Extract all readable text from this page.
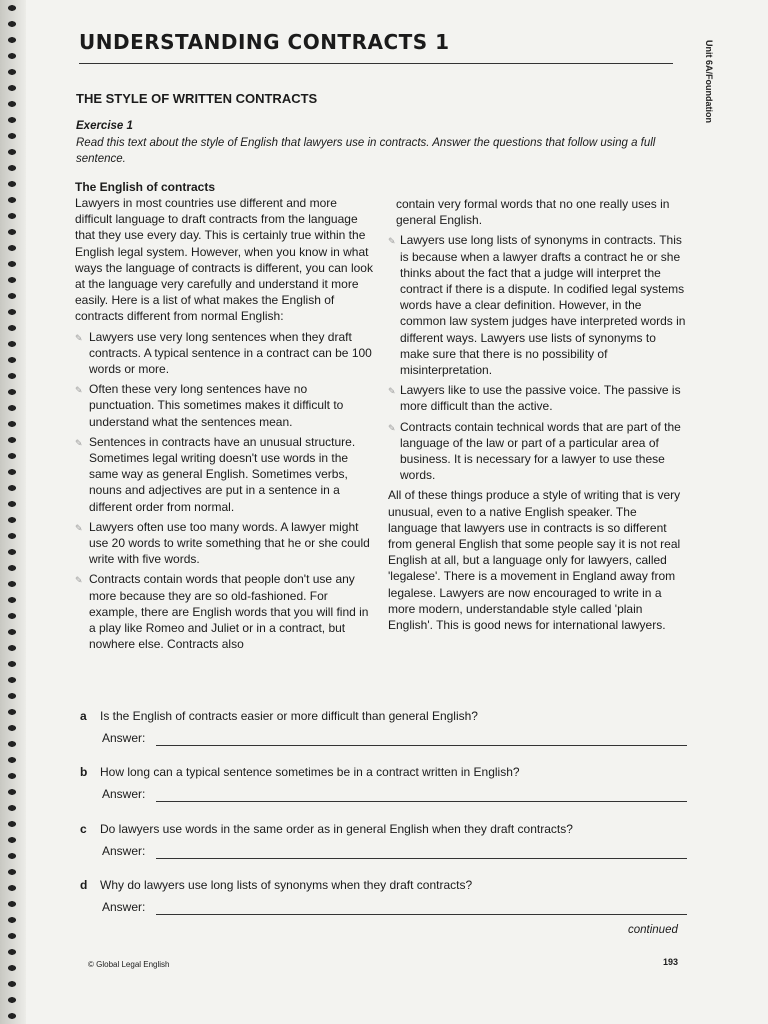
UNDERSTANDING CONTRACTS 1	Unit 6A/Foundation
THE STYLE OF WRITTEN CONTRACTS
Exercise 1

Read this text about the style of English that lawyers use in contracts. Answer the questions that follow using a full sentence.

The English of contracts

Lawyers in most countries use different and more difficult language to draft contracts from the language that they use every day. This is certainly true within the English legal system. However, when you know in what ways the language of contracts is different, you can look at the language very carefully and understand it more easily. Here is a list of what makes the English of contracts different from normal English:

✎ Lawyers use very long sentences when they draft contracts. A typical sentence in a contract can be 100 words or more.
✎ Often these very long sentences have no punctuation. This sometimes makes it difficult to understand what the sentences mean.
✎ Sentences in contracts have an unusual structure. Sometimes legal writing doesn't use words in the same way as general English. Sometimes verbs, nouns and adjectives are put in a sentence in a different order from normal.
✎ Lawyers often use too many words. A lawyer might use 20 words to write something that he or she could write with five words.
✎ Contracts contain words that people don't use any more because they are so old-fashioned. For example, there are English words that you will find in a play like Romeo and Juliet or in a contract, but nowhere else. Contracts also

contain very formal words that no one really uses in general English.

✎ Lawyers use long lists of synonyms in contracts. This is because when a lawyer drafts a contract he or she thinks about the fact that a judge will interpret the contract if there is a dispute. In codified legal systems words have a clear definition. However, in the common law system judges have interpreted words in different ways. Lawyers use lists of synonyms to make sure that there is no possibility of misinterpretation.
✎ Lawyers like to use the passive voice. The passive is more difficult than the active.
✎ Contracts contain technical words that are part of the language of the law or part of a particular area of business. It is necessary for a lawyer to use these words.

All of these things produce a style of writing that is very unusual, even to a native English speaker. The language that lawyers use in contracts is so different from general English that some people say it is not real English at all, but a language only for lawyers, called 'legalese'. There is a movement in England away from legalese. Lawyers are now encouraged to write in a more modern, understandable style called 'plain English'. This is good news for international lawyers.

a Is the English of contracts easier or more difficult than general English?
Answer:
b How long can a typical sentence sometimes be in a contract written in English?
Answer:
c Do lawyers use words in the same order as in general English when they draft contracts?
Answer:
d Why do lawyers use long lists of synonyms when they draft contracts?
Answer:
continued
© Global Legal English	193
